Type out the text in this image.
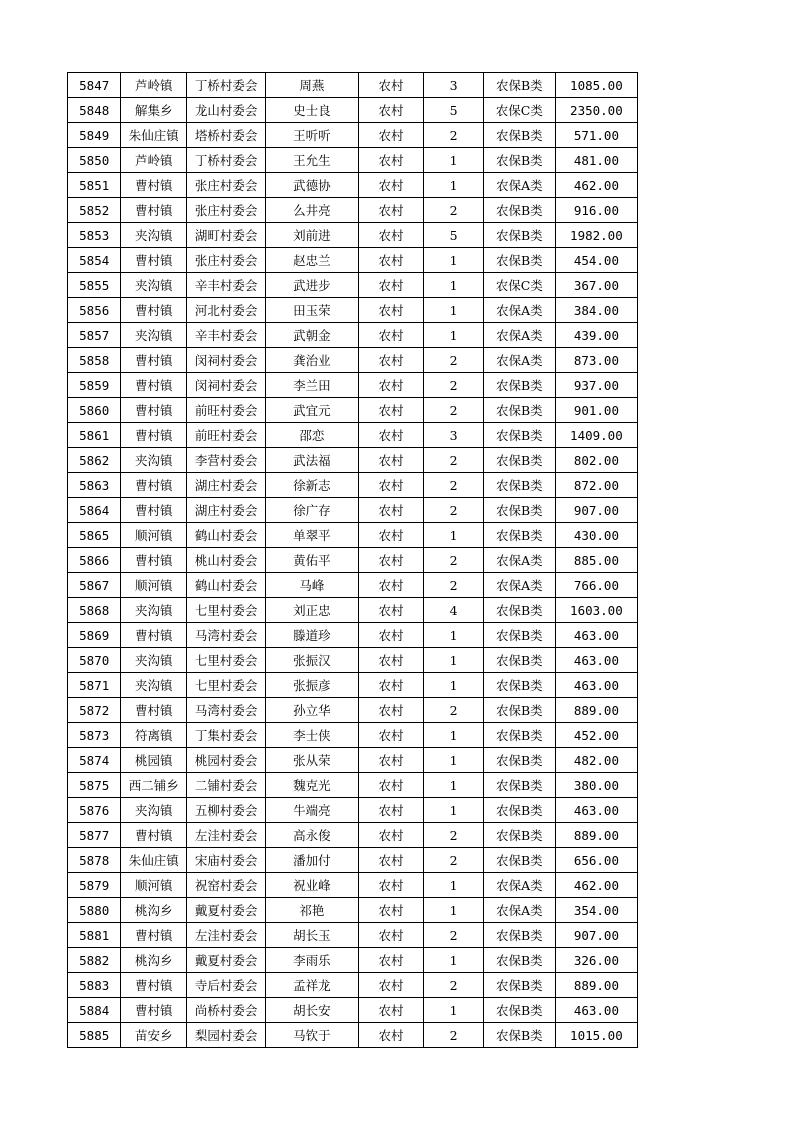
5847	芦岭镇	丁桥村委会	周燕	农村	3	农保B类	1085.00
5848	解集乡	龙山村委会	史士良	农村	5	农保C类	2350.00
5849	朱仙庄镇	塔桥村委会	王听听	农村	2	农保B类	571.00
5850	芦岭镇	丁桥村委会	王允生	农村	1	农保B类	481.00
5851	曹村镇	张庄村委会	武德协	农村	1	农保A类	462.00
5852	曹村镇	张庄村委会	么井亮	农村	2	农保B类	916.00
5853	夹沟镇	湖町村委会	刘前进	农村	5	农保B类	1982.00
5854	曹村镇	张庄村委会	赵忠兰	农村	1	农保B类	454.00
5855	夹沟镇	辛丰村委会	武进步	农村	1	农保C类	367.00
5856	曹村镇	河北村委会	田玉荣	农村	1	农保A类	384.00
5857	夹沟镇	辛丰村委会	武朝金	农村	1	农保A类	439.00
5858	曹村镇	闵祠村委会	龚治业	农村	2	农保A类	873.00
5859	曹村镇	闵祠村委会	李兰田	农村	2	农保B类	937.00
5860	曹村镇	前旺村委会	武宜元	农村	2	农保B类	901.00
5861	曹村镇	前旺村委会	邵恋	农村	3	农保B类	1409.00
5862	夹沟镇	李营村委会	武法福	农村	2	农保B类	802.00
5863	曹村镇	湖庄村委会	徐新志	农村	2	农保B类	872.00
5864	曹村镇	湖庄村委会	徐广存	农村	2	农保B类	907.00
5865	顺河镇	鹤山村委会	单翠平	农村	1	农保B类	430.00
5866	曹村镇	桃山村委会	黄佑平	农村	2	农保A类	885.00
5867	顺河镇	鹤山村委会	马峰	农村	2	农保A类	766.00
5868	夹沟镇	七里村委会	刘正忠	农村	4	农保B类	1603.00
5869	曹村镇	马湾村委会	滕道珍	农村	1	农保B类	463.00
5870	夹沟镇	七里村委会	张振汉	农村	1	农保B类	463.00
5871	夹沟镇	七里村委会	张振彦	农村	1	农保B类	463.00
5872	曹村镇	马湾村委会	孙立华	农村	2	农保B类	889.00
5873	符离镇	丁集村委会	李士侠	农村	1	农保B类	452.00
5874	桃园镇	桃园村委会	张从荣	农村	1	农保B类	482.00
5875	西二铺乡	二铺村委会	魏克光	农村	1	农保B类	380.00
5876	夹沟镇	五柳村委会	牛端亮	农村	1	农保B类	463.00
5877	曹村镇	左洼村委会	高永俊	农村	2	农保B类	889.00
5878	朱仙庄镇	宋庙村委会	潘加付	农村	2	农保B类	656.00
5879	顺河镇	祝窑村委会	祝业峰	农村	1	农保A类	462.00
5880	桃沟乡	戴夏村委会	祁艳	农村	1	农保A类	354.00
5881	曹村镇	左洼村委会	胡长玉	农村	2	农保B类	907.00
5882	桃沟乡	戴夏村委会	李雨乐	农村	1	农保B类	326.00
5883	曹村镇	寺后村委会	孟祥龙	农村	2	农保B类	889.00
5884	曹村镇	尚桥村委会	胡长安	农村	1	农保B类	463.00
5885	苗安乡	梨园村委会	马钦于	农村	2	农保B类	1015.00
